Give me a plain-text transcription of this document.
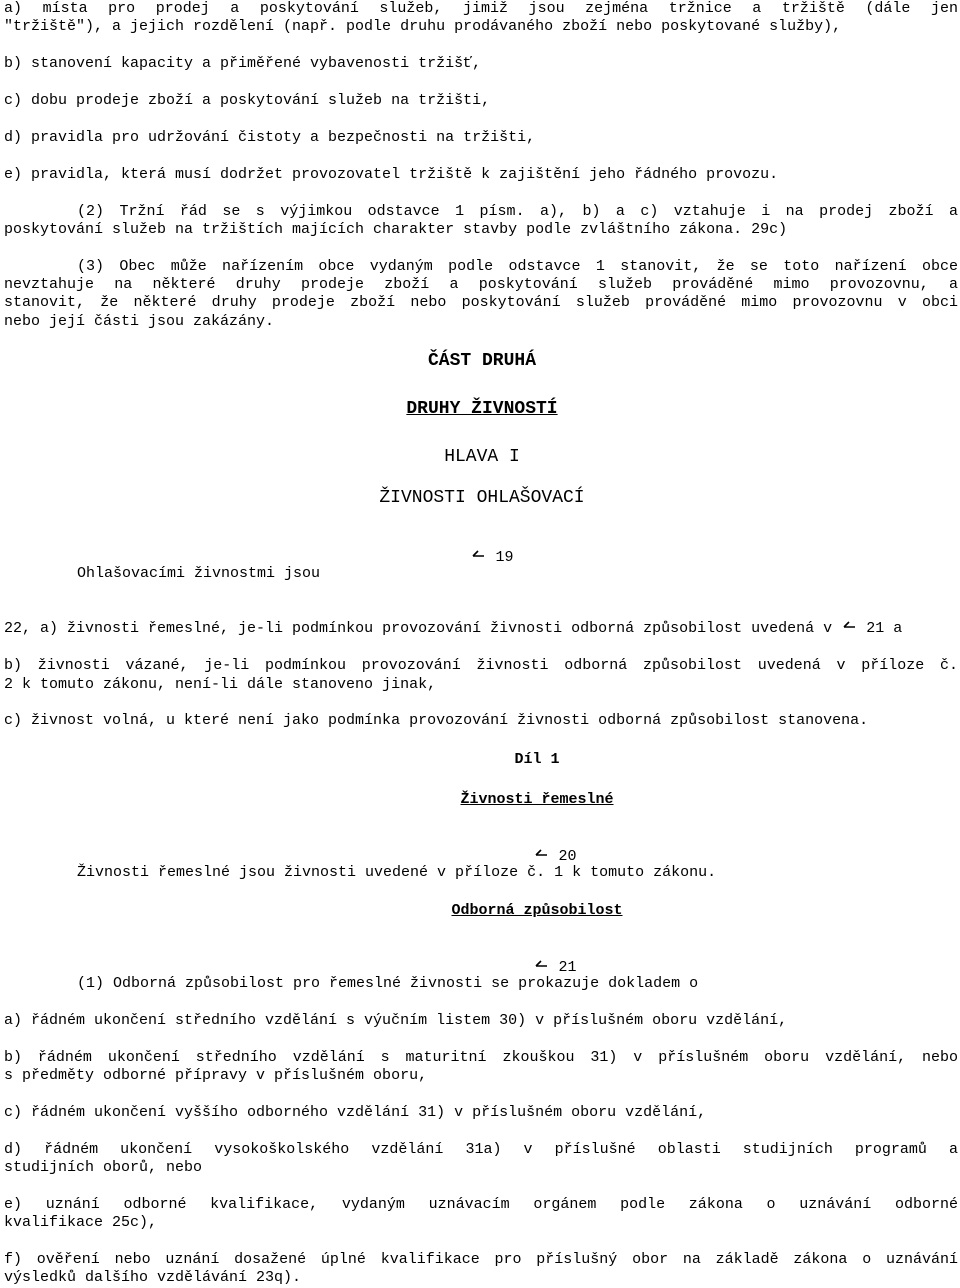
a) místa pro prodej a poskytování služeb, jimiž jsou zejména tržnice a tržiště (dále jen
"tržiště"), a jejich rozdělení (např. podle druhu prodávaného zboží nebo poskytované služby),
b) stanovení kapacity a přiměřené vybavenosti tržišť,
c) dobu prodeje zboží a poskytování služeb na tržišti,
d) pravidla pro udržování čistoty a bezpečnosti na tržišti,
e) pravidla, která musí dodržet provozovatel tržiště k zajištění jeho řádného provozu.
(2) Tržní řád se s výjimkou odstavce 1 písm. a), b) a c) vztahuje i na prodej zboží a
poskytování služeb na tržištích majících charakter stavby podle zvláštního zákona. 29c)
(3) Obec může nařízením obce vydaným podle odstavce 1 stanovit, že se toto nařízení obce
nevztahuje na některé druhy prodeje zboží a poskytování služeb prováděné mimo provozovnu, a
stanovit, že některé druhy prodeje zboží nebo poskytování služeb prováděné mimo provozovnu v obci
nebo její části jsou zakázány.
ČÁST DRUHÁ
DRUHY ŽIVNOSTÍ
HLAVA I
ŽIVNOSTI OHLAŠOVACÍ

19

Ohlašovacími živnostmi jsou

a) živnosti řemeslné, je-li podmínkou provozování živnosti odborná způsobilost uvedená v 21 a

22,
b) živnosti vázané, je-li podmínkou provozování živnosti odborná způsobilost uvedená v příloze č.
2 k tomuto zákonu, není-li dále stanoveno jinak,
c) živnost volná, u které není jako podmínka provozování živnosti odborná způsobilost stanovena.
Díl 1
Živnosti řemeslné

20

Živnosti řemeslné jsou živnosti uvedené v příloze č. 1 k tomuto zákonu.
Odborná způsobilost

21

(1) Odborná způsobilost pro řemeslné živnosti se prokazuje dokladem o
a) řádném ukončení středního vzdělání s výučním listem 30) v příslušném oboru vzdělání,
b) řádném ukončení středního vzdělání s maturitní zkouškou 31) v příslušném oboru vzdělání, nebo
s předměty odborné přípravy v příslušném oboru,
c) řádném ukončení vyššího odborného vzdělání 31) v příslušném oboru vzdělání,
d) řádném ukončení vysokoškolského vzdělání 31a) v příslušné oblasti studijních programů a
studijních oborů, nebo
e) uznání odborné kvalifikace, vydaným uznávacím orgánem podle zákona o uznávání odborné
kvalifikace 25c),
f) ověření nebo uznání dosažené úplné kvalifikace pro příslušný obor na základě zákona o uznávání
výsledků dalšího vzdělávání 23q).
